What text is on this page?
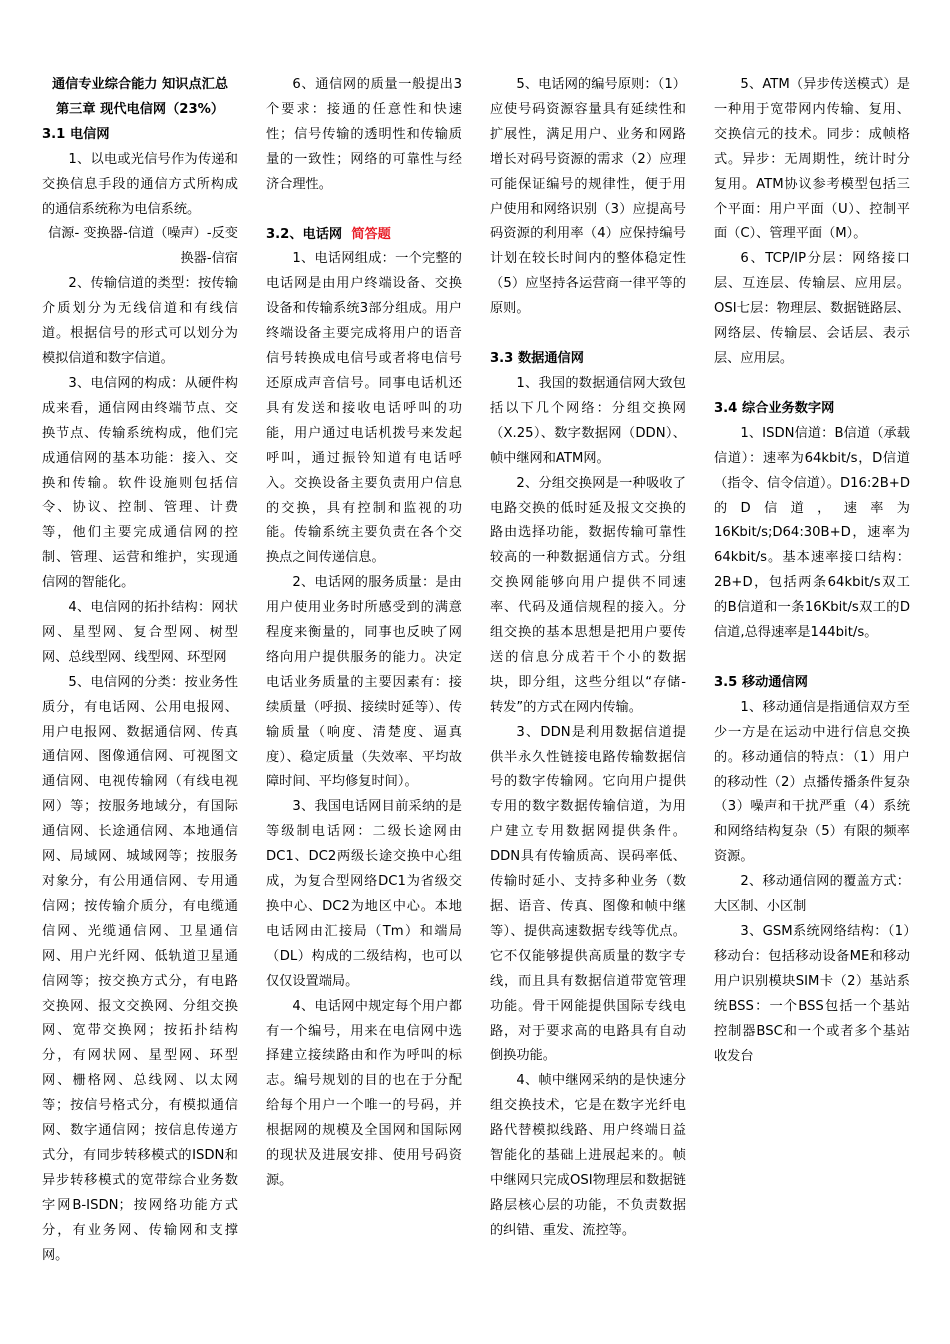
通信专业综合能力 知识点汇总

第三章 现代电信网（23%）

3.1 电信网

1、以电或光信号作为传递和交换信息手段的通信方式所构成的通信系统称为电信系统。

信源- 变换器-信道（噪声）-反变换器-信宿

2、传输信道的类型：按传输介质划分为无线信道和有线信道。根据信号的形式可以划分为模拟信道和数字信道。

3、电信网的构成：从硬件构成来看，通信网由终端节点、交换节点、传输系统构成，他们完成通信网的基本功能：接入、交换和传输。软件设施则包括信令、协议、控制、管理、计费等，他们主要完成通信网的控制、管理、运营和维护，实现通信网的智能化。

4、电信网的拓扑结构：网状网、星型网、复合型网、树型网、总线型网、线型网、环型网

5、电信网的分类：按业务性质分，有电话网、公用电报网、用户电报网、数据通信网、传真通信网、图像通信网、可视图文通信网、电视传输网（有线电视网）等；按服务地域分，有国际通信网、长途通信网、本地通信网、局域网、城域网等；按服务对象分，有公用通信网、专用通信网；按传输介质分，有电缆通信网、光缆通信网、卫星通信网、用户光纤网、低轨道卫星通信网等；按交换方式分，有电路交换网、报文交换网、分组交换网、宽带交换网；按拓扑结构分，有网状网、星型网、环型网、栅格网、总线网、以太网等；按信号格式分，有模拟通信网、数字通信网；按信息传递方式分，有同步转移模式的ISDN和异步转移模式的宽带综合业务数字网B-ISDN；按网络功能方式分，有业务网、传输网和支撑网。

6、通信网的质量一般提出3个要求：接通的任意性和快速性；信号传输的透明性和传输质量的一致性；网络的可靠性与经济合理性。

3.2、电话网 简答题

1、电话网组成：一个完整的电话网是由用户终端设备、交换设备和传输系统3部分组成。用户终端设备主要完成将用户的语音信号转换成电信号或者将电信号还原成声音信号。同事电话机还具有发送和接收电话呼叫的功能，用户通过电话机拨号来发起呼叫，通过振铃知道有电话呼入。交换设备主要负责用户信息的交换，具有控制和监视的功能。传输系统主要负责在各个交换点之间传递信息。

2、电话网的服务质量：是由用户使用业务时所感受到的满意程度来衡量的，同事也反映了网络向用户提供服务的能力。决定电话业务质量的主要因素有：接续质量（呼损、接续时延等）、传输质量（响度、清楚度、逼真度）、稳定质量（失效率、平均故障时间、平均修复时间）。

3、我国电话网目前采纳的是等级制电话网：二级长途网由DC1、DC2两级长途交换中心组成，为复合型网络DC1为省级交换中心、DC2为地区中心。本地电话网由汇接局（Tm）和端局（DL）构成的二级结构，也可以仅仅设置端局。

4、电话网中规定每个用户都有一个编号，用来在电信网中选择建立接续路由和作为呼叫的标志。编号规划的目的也在于分配给每个用户一个唯一的号码，并根据网的规模及全国网和国际网的现状及进展安排、使用号码资源。

5、电话网的编号原则：（1）应使号码资源容量具有延续性和扩展性，满足用户、业务和网路增长对码号资源的需求（2）应理可能保证编号的规律性，便于用户使用和网络识别（3）应提高号码资源的利用率（4）应保持编号计划在较长时间内的整体稳定性（5）应坚持各运营商一律平等的原则。

3.3 数据通信网

1、我国的数据通信网大致包括以下几个网络：分组交换网（X.25）、数字数据网（DDN）、帧中继网和ATM网。

2、分组交换网是一种吸收了电路交换的低时延及报文交换的路由选择功能，数据传输可靠性较高的一种数据通信方式。分组交换网能够向用户提供不同速率、代码及通信规程的接入。分组交换的基本思想是把用户要传送的信息分成若干个小的数据块，即分组，这些分组以“存储-转发”的方式在网内传输。

3、DDN是利用数据信道提供半永久性链接电路传输数据信号的数字传输网。它向用户提供专用的数字数据传输信道，为用户建立专用数据网提供条件。DDN具有传输质高、误码率低、传输时延小、支持多种业务（数据、语音、传真、图像和帧中继等）、提供高速数据专线等优点。它不仅能够提供高质量的数字专线，而且具有数据信道带宽管理功能。骨干网能提供国际专线电路，对于要求高的电路具有自动倒换功能。

4、帧中继网采纳的是快速分组交换技术，它是在数字光纤电路代替模拟线路、用户终端日益智能化的基础上进展起来的。帧中继网只完成OSI物理层和数据链路层核心层的功能，不负责数据的纠错、重发、流控等。

5、ATM（异步传送模式）是一种用于宽带网内传输、复用、交换信元的技术。同步：成帧格式。异步：无周期性，统计时分复用。ATM协议参考模型包括三个平面：用户平面（U）、控制平面（C）、管理平面（M）。

6、TCP/IP分层：网络接口层、互连层、传输层、应用层。OSI七层：物理层、数据链路层、网络层、传输层、会话层、表示层、应用层。

3.4 综合业务数字网

1、ISDN信道：B信道（承载信道）：速率为64kbit/s，D信道（指令、信令信道）。D16:2B+D的D信道，速率为16Kbit/s;D64:30B+D，速率为64kbit/s。基本速率接口结构：2B+D，包括两条64kbit/s双工的B信道和一条16Kbit/s双工的D信道,总得速率是144bit/s。

3.5 移动通信网

1、移动通信是指通信双方至少一方是在运动中进行信息交换的。移动通信的特点：（1）用户的移动性（2）点播传播条件复杂（3）噪声和干扰严重（4）系统和网络结构复杂（5）有限的频率资源。

2、移动通信网的覆盖方式：大区制、小区制

3、GSM系统网络结构：（1）移动台：包括移动设备ME和移动用户识别模块SIM卡（2）基站系统BSS：一个BSS包括一个基站控制器BSC和一个或者多个基站收发台
